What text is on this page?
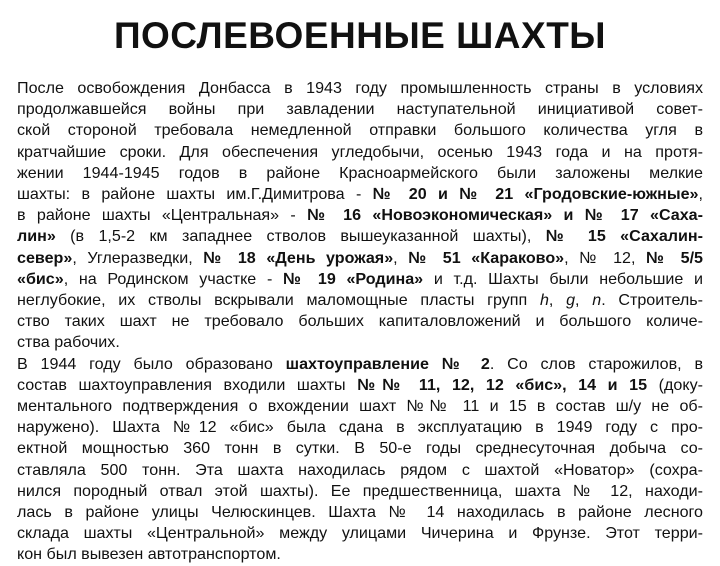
ПОСЛЕВОЕННЫЕ ШАХТЫ
После освобождения Донбасса в 1943 году промышленность страны в условиях
продолжавшейся войны при завладении наступательной инициативой совет-
ской стороной требовала немедленной отправки большого количества угля в
кратчайшие сроки. Для обеспечения угледобычи, осенью 1943 года и на протя-
жении 1944-1945 годов в районе Красноармейского были заложены мелкие
шахты: в районе шахты им.Г.Димитрова - № 20 и № 21 «Гродовские-южные»,
в районе шахты «Центральная» - № 16 «Новоэкономическая» и № 17 «Саха-
лин» (в 1,5-2 км западнее стволов вышеуказанной шахты), № 15 «Сахалин-
север», Углеразведки, № 18 «День урожая», № 51 «Караково», № 12, № 5/5
«бис», на Родинском участке - № 19 «Родина» и т.д. Шахты были небольшие и
неглубокие, их стволы вскрывали маломощные пласты групп h, g, n. Строитель-
ство таких шахт не требовало больших капиталовложений и большого количе-
ства рабочих.
В 1944 году было образовано шахтоуправление № 2. Со слов старожилов, в
состав шахтоуправления входили шахты №№ 11, 12, 12 «бис», 14 и 15 (доку-
ментального подтверждения о вхождении шахт №№ 11 и 15 в состав ш/у не об-
наружено). Шахта №12 «бис» была сдана в эксплуатацию в 1949 году с про-
ектной мощностью 360 тонн в сутки. В 50-е годы среднесуточная добыча со-
ставляла 500 тонн. Эта шахта находилась рядом с шахтой «Новатор» (сохра-
нился породный отвал этой шахты). Ее предшественница, шахта № 12, находи-
лась в районе улицы Челюскинцев. Шахта № 14 находилась в районе лесного
склада шахты «Центральной» между улицами Чичерина и Фрунзе. Этот терри-
кон был вывезен автотранспортом.
